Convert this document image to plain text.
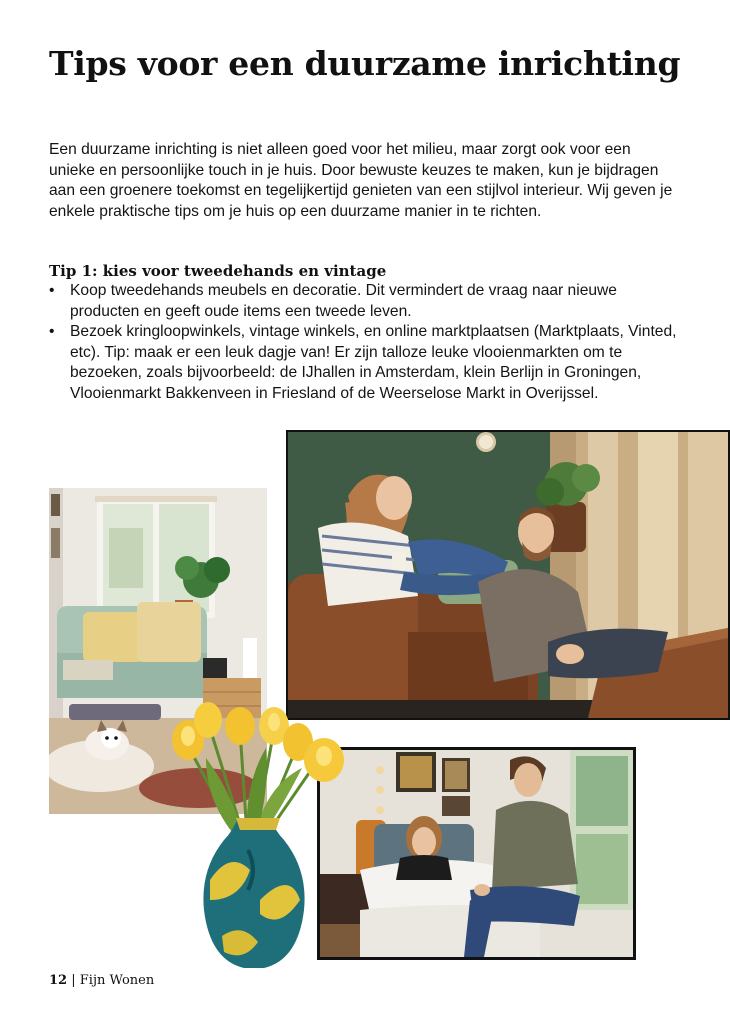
Tips voor een duurzame inrichting

Een duurzame inrichting is niet alleen goed voor het milieu, maar zorgt ook voor een unieke en persoonlijke touch in je huis. Door bewuste keuzes te maken, kun je bijdragen aan een groenere toekomst en tegelijkertijd genieten van een stijlvol interieur. Wij geven je enkele praktische tips om je huis op een duurzame manier in te richten.

Tip 1: kies voor tweedehands en vintage
• Koop tweedehands meubels en decoratie. Dit vermindert de vraag naar nieuwe producten en geeft oude items een tweede leven.
• Bezoek kringloopwinkels, vintage winkels, en online marktplaatsen (Marktplaats, Vinted, etc). Tip: maak er een leuk dagje van! Er zijn talloze leuke vlooienmarkten om te bezoeken, zoals bijvoorbeeld: de IJhallen in Amsterdam, klein Berlijn in Groningen, Vlooienmarkt Bakkenveen in Friesland of de Weerselose Markt in Overijssel.

12 | Fijn Wonen
